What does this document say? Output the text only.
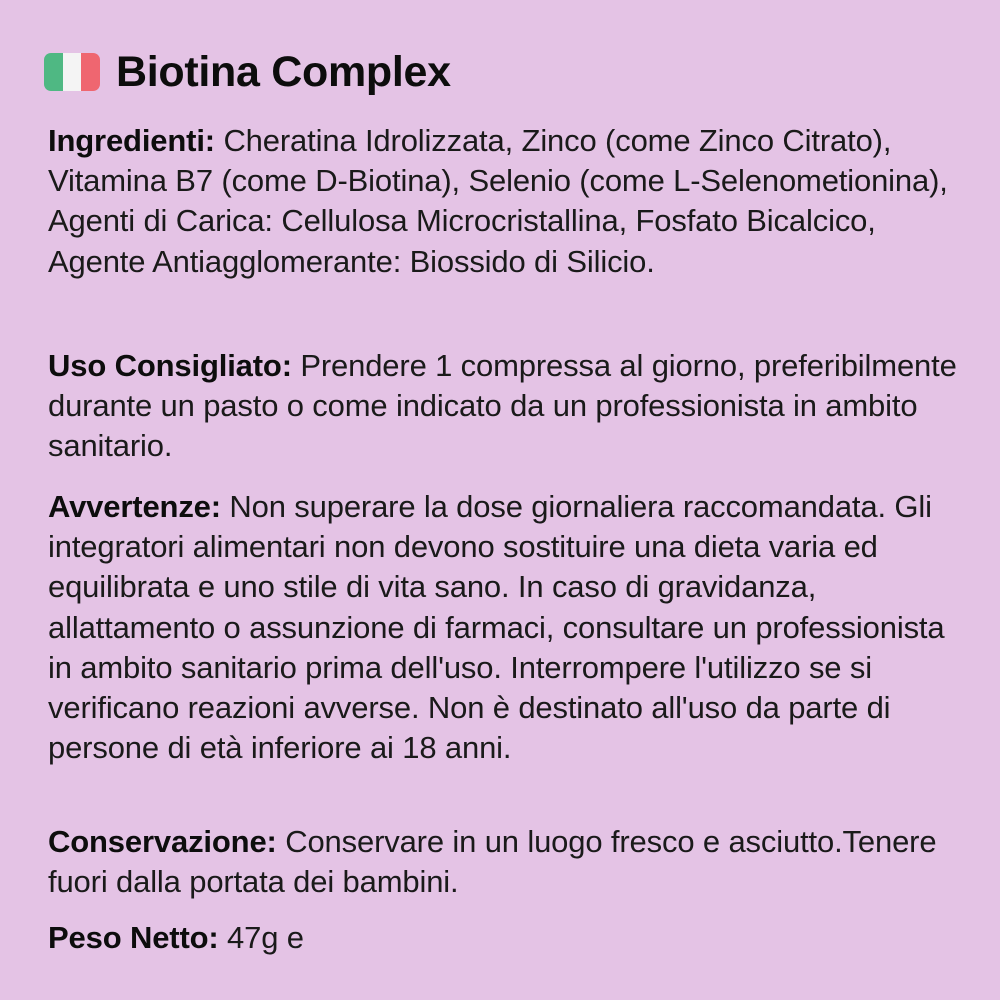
Biotina Complex
Ingredienti: Cheratina Idrolizzata, Zinco (come Zinco Citrato), Vitamina B7 (come D-Biotina), Selenio (come L-Selenometionina), Agenti di Carica: Cellulosa Microcristallina, Fosfato Bicalcico, Agente Antiagglomerante: Biossido di Silicio.
Uso Consigliato: Prendere 1 compressa al giorno, preferibilmente durante un pasto o come indicato da un professionista in ambito sanitario.
Avvertenze: Non superare la dose giornaliera raccomandata. Gli integratori alimentari non devono sostituire una dieta varia ed equilibrata e uno stile di vita sano. In caso di gravidanza, allattamento o assunzione di farmaci, consultare un professionista in ambito sanitario prima dell'uso. Interrompere l'utilizzo se si verificano reazioni avverse. Non è destinato all'uso da parte di persone di età inferiore ai 18 anni.
Conservazione: Conservare in un luogo fresco e asciutto.Tenere fuori dalla portata dei bambini.
Peso Netto: 47g e
